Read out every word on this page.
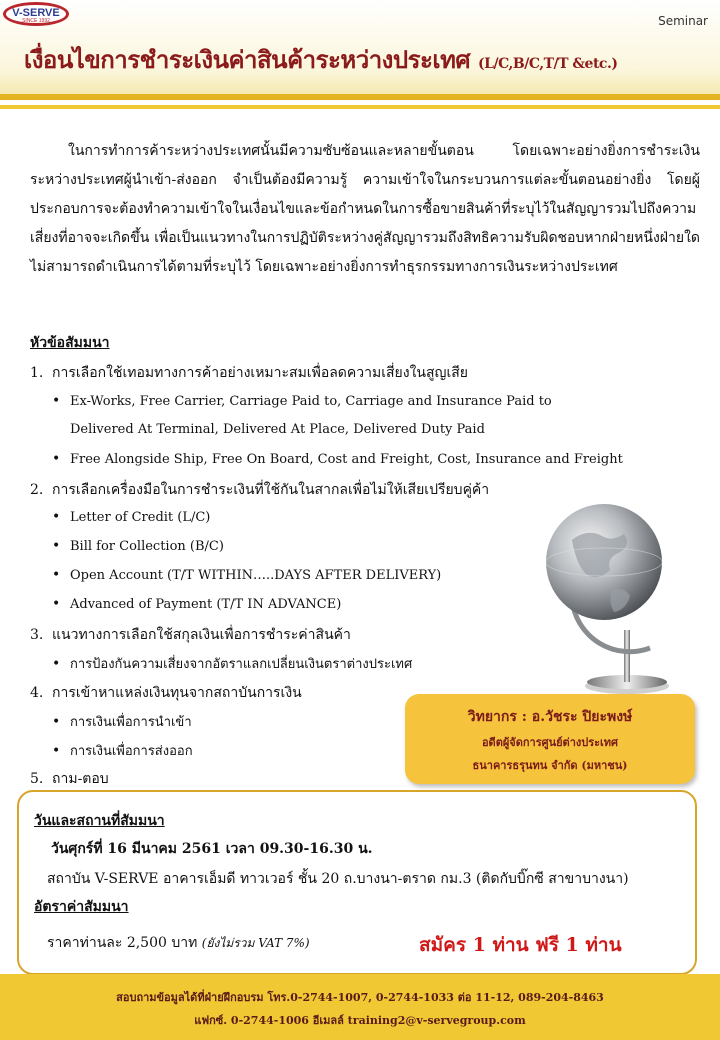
V-SERVE
SINCE 1992	Seminar
เงื่อนไขการชำระเงินค่าสินค้าระหว่างประเทศ (L/C,B/C,T/T &etc.)
ในการทำการค้าระหว่างประเทศนั้นมีความซับซ้อนและหลายขั้นตอน โดยเฉพาะอย่างยิ่งการชำระเงินระหว่างประเทศผู้นำเข้า-ส่งออก จำเป็นต้องมีความรู้ ความเข้าใจในกระบวนการแต่ละขั้นตอนอย่างยิ่ง โดยผู้ประกอบการจะต้องทำความเข้าใจในเงื่อนไขและข้อกำหนดในการซื้อขายสินค้าที่ระบุไว้ในสัญญารวมไปถึงความเสี่ยงที่อาจจะเกิดขึ้น เพื่อเป็นแนวทางในการปฏิบัติระหว่างคู่สัญญารวมถึงสิทธิความรับผิดชอบหากฝ่ายหนึ่งฝ่ายใดไม่สามารถดำเนินการได้ตามที่ระบุไว้ โดยเฉพาะอย่างยิ่งการทำธุรกรรมทางการเงินระหว่างประเทศ
หัวข้อสัมมนา
1. การเลือกใช้เทอมทางการค้าอย่างเหมาะสมเพื่อลดความเสี่ยงในสูญเสีย
• Ex-Works, Free Carrier, Carriage Paid to, Carriage and Insurance Paid to
Delivered At Terminal, Delivered At Place, Delivered Duty Paid
• Free Alongside Ship, Free On Board, Cost and Freight, Cost, Insurance and Freight
2. การเลือกเครื่องมือในการชำระเงินที่ใช้กันในสากลเพื่อไม่ให้เสียเปรียบคู่ค้า
• Letter of Credit (L/C)
• Bill for Collection (B/C)
• Open Account (T/T WITHIN…..DAYS AFTER DELIVERY)
• Advanced of Payment (T/T IN ADVANCE)
3. แนวทางการเลือกใช้สกุลเงินเพื่อการชำระค่าสินค้า
• การป้องกันความเสี่ยงจากอัตราแลกเปลี่ยนเงินตราต่างประเทศ
4. การเข้าหาแหล่งเงินทุนจากสถาบันการเงิน
• การเงินเพื่อการนำเข้า
• การเงินเพื่อการส่งออก
5. ถาม-ตอบ
วิทยากร : อ.วัชระ ปิยะพงษ์
อดีตผู้จัดการศูนย์ต่างประเทศ
ธนาคารธรุนทน จำกัด (มหาชน)
วันและสถานที่สัมมนา
วันศุกร์ที่ 16 มีนาคม 2561 เวลา 09.30-16.30 น.
สถาบัน V-SERVE อาคารเอ็มดี ทาวเวอร์ ชั้น 20 ถ.บางนา-ตราด กม.3 (ติดกับบิ๊กซี สาขาบางนา)
อัตราค่าสัมมนา
ราคาท่านละ 2,500 บาท (ยังไม่รวม VAT 7%)	สมัคร 1 ท่าน ฟรี 1 ท่าน
สอบถามข้อมูลได้ที่ฝ่ายฝึกอบรม โทร.0-2744-1007, 0-2744-1033 ต่อ 11-12, 089-204-8463
แฟกซ์. 0-2744-1006 อีเมลล์ training2@v-servegroup.com
